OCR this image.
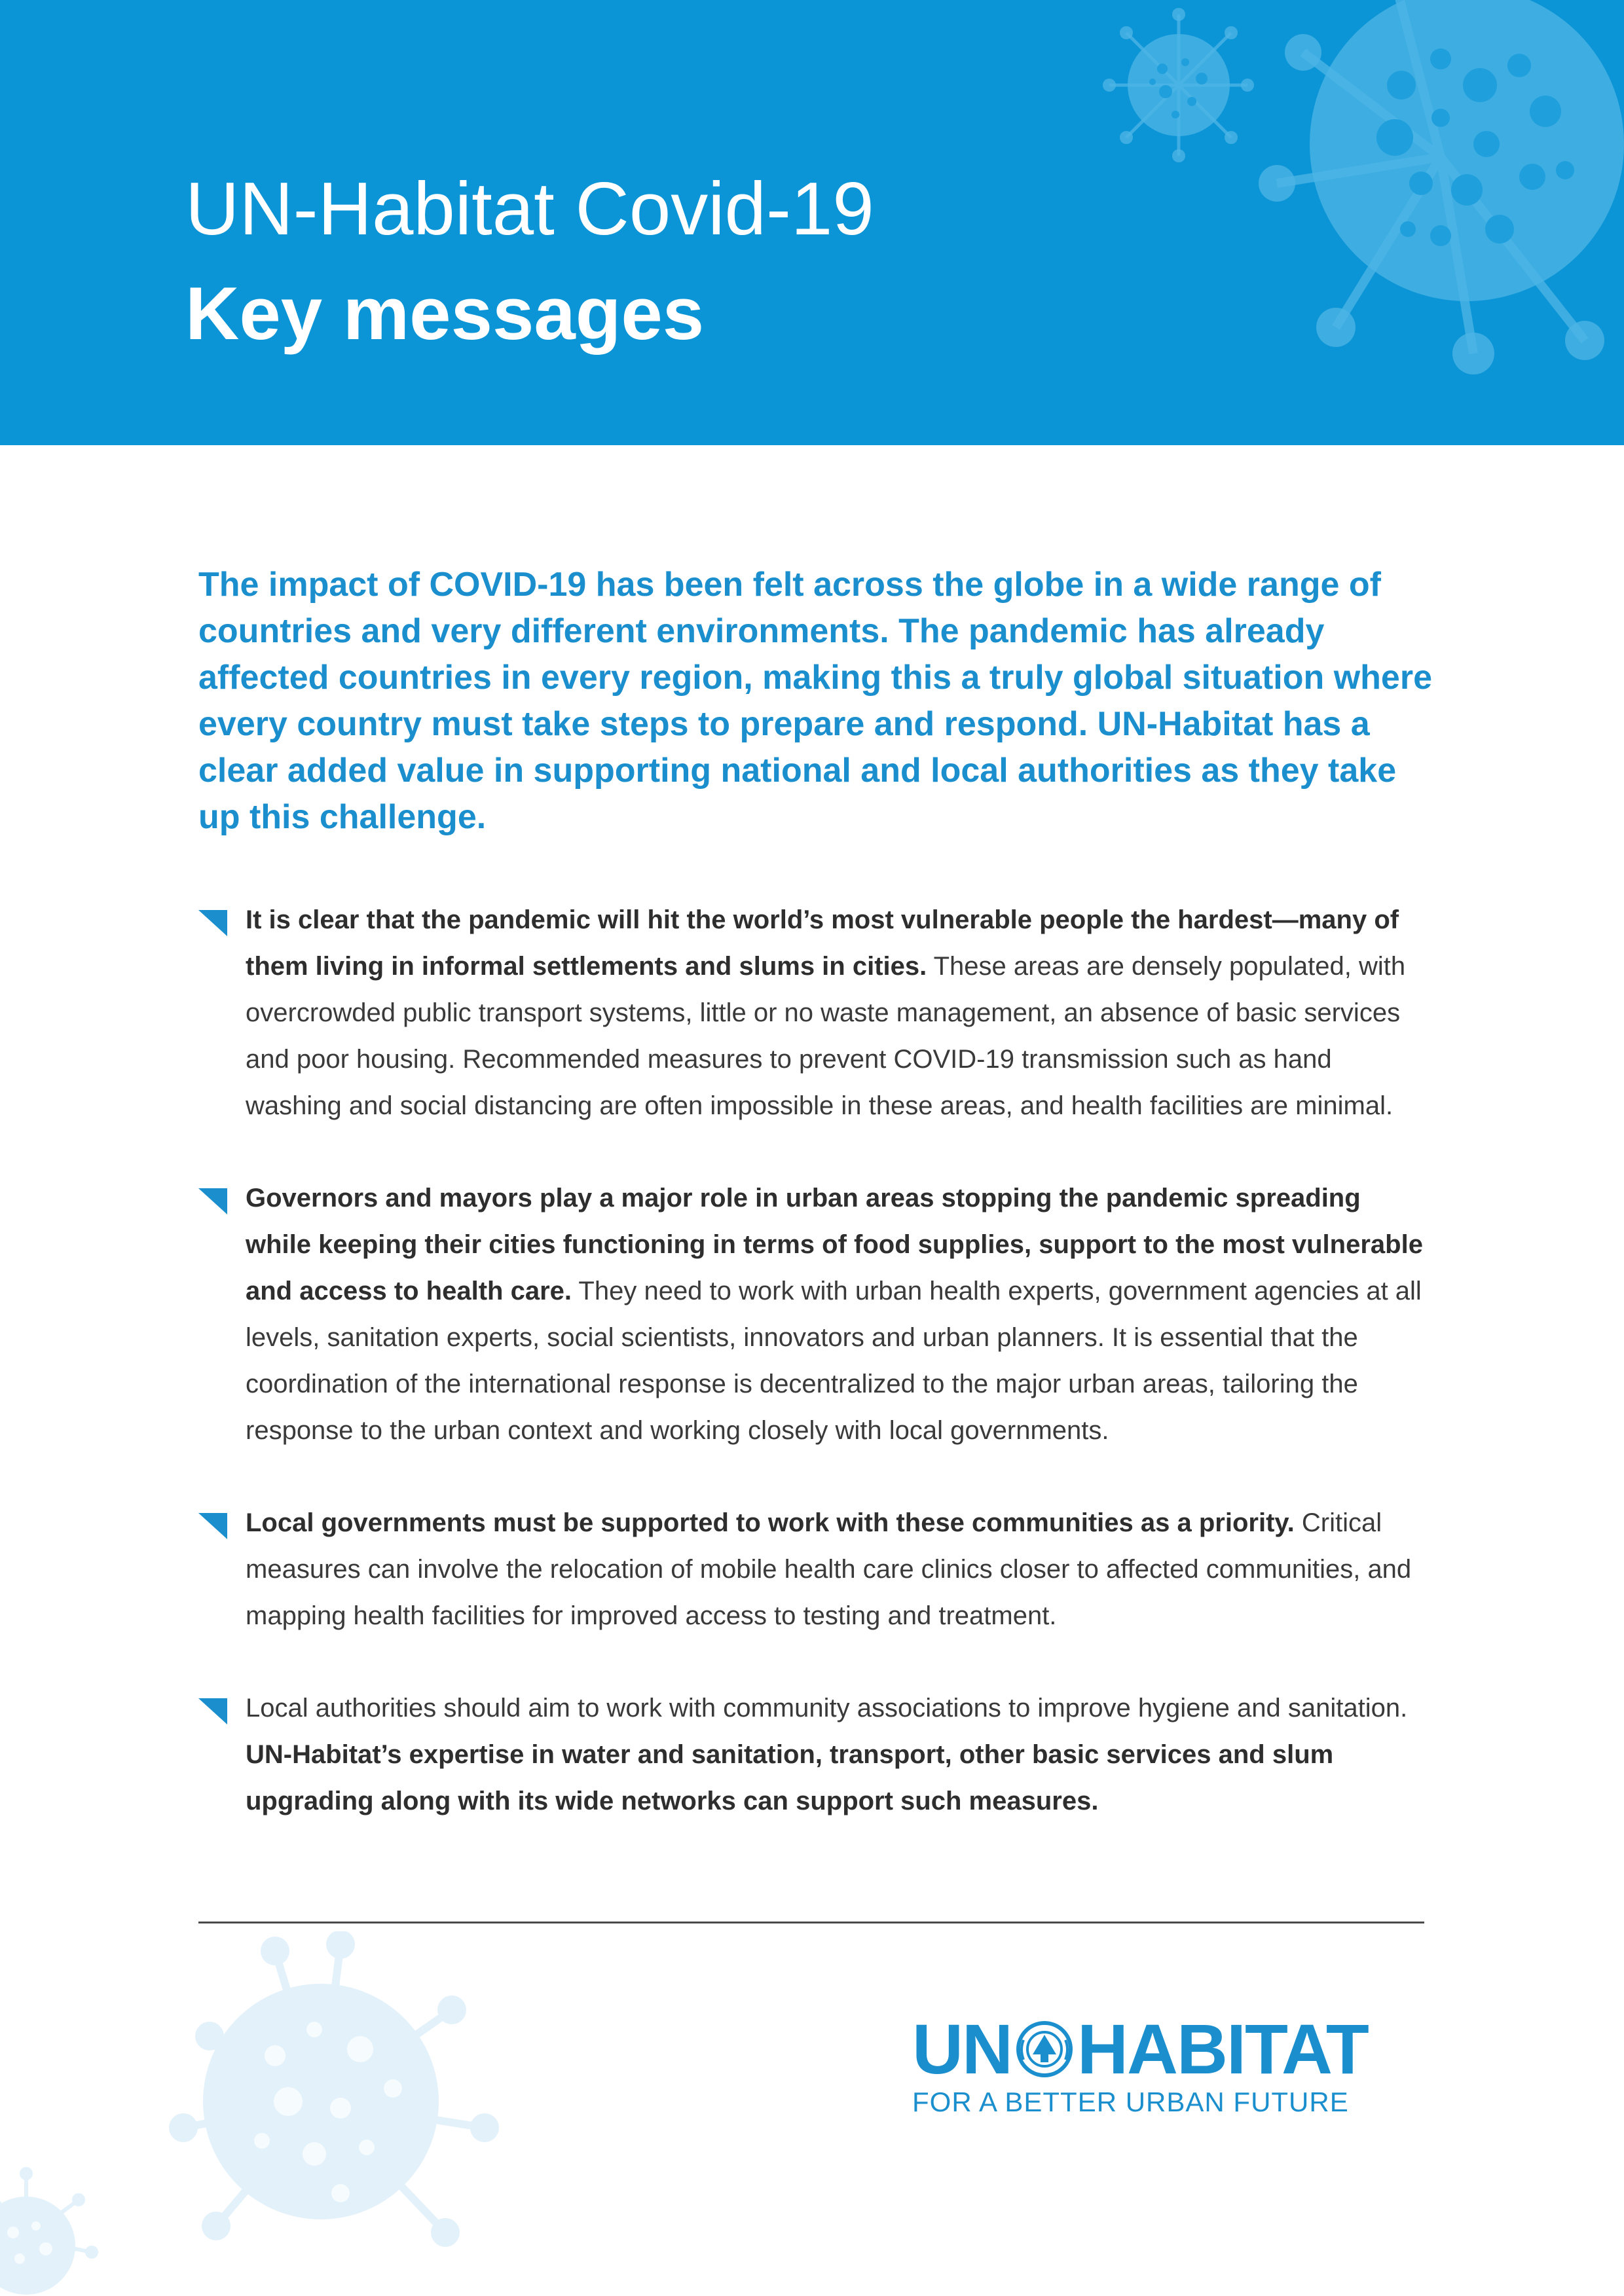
UN-Habitat Covid-19
Key messages

The impact of COVID-19 has been felt across the globe in a wide range of countries and very different environments. The pandemic has already affected countries in every region, making this a truly global situation where every country must take steps to prepare and respond. UN-Habitat has a clear added value in supporting national and local authorities as they take up this challenge.

It is clear that the pandemic will hit the world’s most vulnerable people the hardest—many of them living in informal settlements and slums in cities. These areas are densely populated, with overcrowded public transport systems, little or no waste management, an absence of basic services and poor housing. Recommended measures to prevent COVID-19 transmission such as hand washing and social distancing are often impossible in these areas, and health facilities are minimal.
Governors and mayors play a major role in urban areas stopping the pandemic spreading while keeping their cities functioning in terms of food supplies, support to the most vulnerable and access to health care. They need to work with urban health experts, government agencies at all levels, sanitation experts, social scientists, innovators and urban planners. It is essential that the coordination of the international response is decentralized to the major urban areas, tailoring the response to the urban context and working closely with local governments.
Local governments must be supported to work with these communities as a priority. Critical measures can involve the relocation of mobile health care clinics closer to affected communities, and mapping health facilities for improved access to testing and treatment.
Local authorities should aim to work with community associations to improve hygiene and sanitation. UN-Habitat’s expertise in water and sanitation, transport, other basic services and slum upgrading along with its wide networks can support such measures.
UN HABITAT
FOR A BETTER URBAN FUTURE
